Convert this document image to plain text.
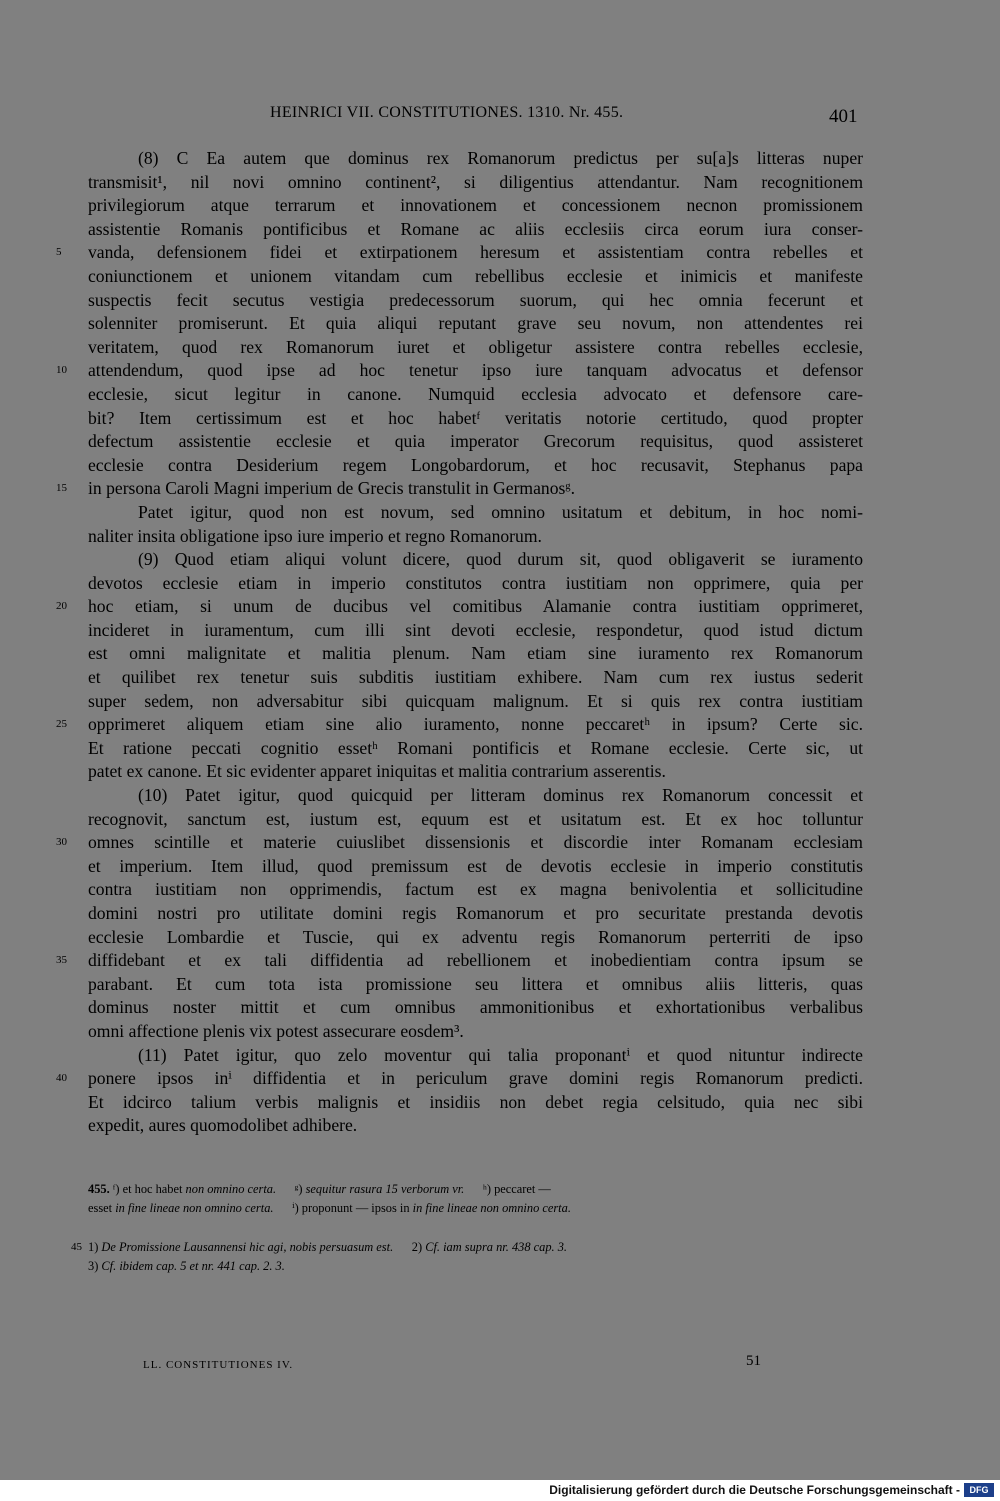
HEINRICI VII. CONSTITUTIONES. 1310. Nr. 455.	401
(8) C Ea autem que dominus rex Romanorum predictus per su[a]s litteras nuper
transmisit¹, nil novi omnino continent², si diligentius attendantur. Nam recognitionem
privilegiorum atque terrarum et innovationem et concessionem necnon promissionem
assistentie Romanis pontificibus et Romane ac aliis ecclesiis circa eorum iura conser-
vanda, defensionem fidei et extirpationem heresum et assistentiam contra rebelles et
5
coniunctionem et unionem vitandam cum rebellibus ecclesie et inimicis et manifeste
suspectis fecit secutus vestigia predecessorum suorum, qui hec omnia fecerunt et
solenniter promiserunt. Et quia aliqui reputant grave seu novum, non attendentes rei
veritatem, quod rex Romanorum iuret et obligetur assistere contra rebelles ecclesie,
attendendum, quod ipse ad hoc tenetur ipso iure tanquam advocatus et defensor
10
ecclesie, sicut legitur in canone. Numquid ecclesia advocato et defensore care-
bit? Item certissimum est et hoc habetᶠ veritatis notorie certitudo, quod propter
defectum assistentie ecclesie et quia imperator Grecorum requisitus, quod assisteret
ecclesie contra Desiderium regem Longobardorum, et hoc recusavit, Stephanus papa
in persona Caroli Magni imperium de Grecis transtulit in Germanosᵍ.
15
Patet igitur, quod non est novum, sed omnino usitatum et debitum, in hoc nomi-
naliter insita obligatione ipso iure imperio et regno Romanorum.
(9) Quod etiam aliqui volunt dicere, quod durum sit, quod obligaverit se iuramento
devotos ecclesie etiam in imperio constitutos contra iustitiam non opprimere, quia per
hoc etiam, si unum de ducibus vel comitibus Alamanie contra iustitiam opprimeret,
20
incideret in iuramentum, cum illi sint devoti ecclesie, respondetur, quod istud dictum
est omni malignitate et malitia plenum. Nam etiam sine iuramento rex Romanorum
et quilibet rex tenetur suis subditis iustitiam exhibere. Nam cum rex iustus sederit
super sedem, non adversabitur sibi quicquam malignum. Et si quis rex contra iustitiam
opprimeret aliquem etiam sine alio iuramento, nonne peccaretʰ in ipsum? Certe sic.
25
Et ratione peccati cognitio essetʰ Romani pontificis et Romane ecclesie. Certe sic, ut
patet ex canone. Et sic evidenter apparet iniquitas et malitia contrarium asserentis.
(10) Patet igitur, quod quicquid per litteram dominus rex Romanorum concessit et
recognovit, sanctum est, iustum est, equum est et usitatum est. Et ex hoc tolluntur
omnes scintille et materie cuiuslibet dissensionis et discordie inter Romanam ecclesiam
30
et imperium. Item illud, quod premissum est de devotis ecclesie in imperio constitutis
contra iustitiam non opprimendis, factum est ex magna benivolentia et sollicitudine
domini nostri pro utilitate domini regis Romanorum et pro securitate prestanda devotis
ecclesie Lombardie et Tuscie, qui ex adventu regis Romanorum perterriti de ipso
diffidebant et ex tali diffidentia ad rebellionem et inobedientiam contra ipsum se
35
parabant. Et cum tota ista promissione seu littera et omnibus aliis litteris, quas
dominus noster mittit et cum omnibus ammonitionibus et exhortationibus verbalibus
omni affectione plenis vix potest assecurare eosdem³.
(11) Patet igitur, quo zelo moventur qui talia proponantⁱ et quod nituntur indirecte
ponere ipsos inⁱ diffidentia et in periculum grave domini regis Romanorum predicti.
40
Et idcirco talium verbis malignis et insidiis non debet regia celsitudo, quia nec sibi
expedit, aures quomodolibet adhibere.
455. ᶠ) et hoc habet non omnino certa.      ᵍ) sequitur rasura 15 verborum vr.      ʰ) peccaret —
esset in fine lineae non omnino certa.      ⁱ) proponunt — ipsos in in fine lineae non omnino certa.
1) De Promissione Lausannensi hic agi, nobis persuasum est.      2) Cf. iam supra nr. 438 cap. 3.
45
3) Cf. ibidem cap. 5 et nr. 441 cap. 2. 3.
LL. CONSTITUTIONES IV.	51
Digitalisierung gefördert durch die Deutsche Forschungsgemeinschaft -	DFG
